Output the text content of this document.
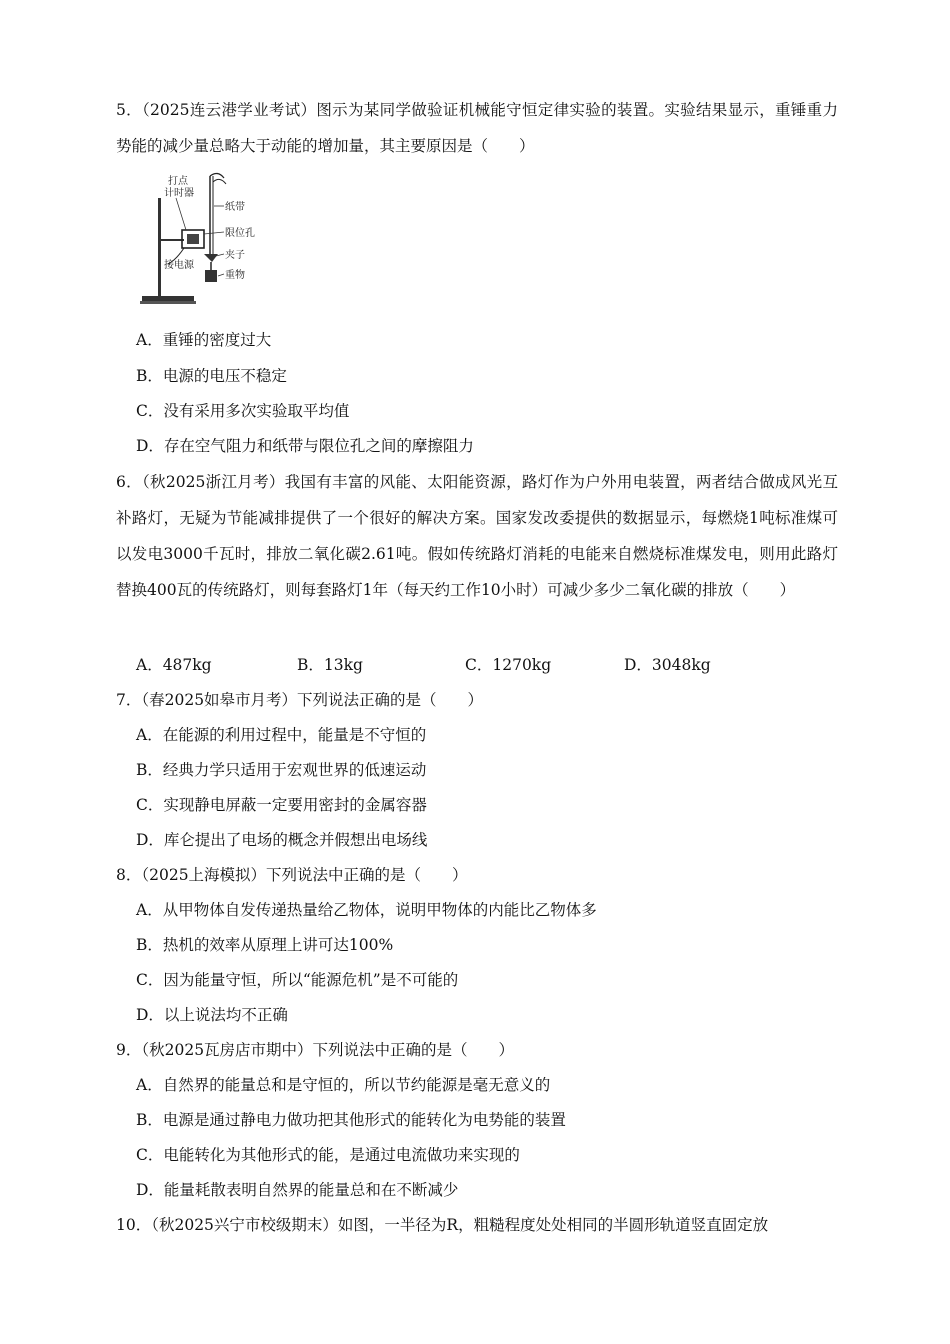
5．（2025连云港学业考试）图示为某同学做验证机械能守恒定律实验的装置。实验结果显示，重锤重力势能的减少量总略大于动能的增加量，其主要原因是（　　）

打点
计时器
纸带
限位孔
夹子
接电源
重物
A．重锤的密度过大
B．电源的电压不稳定
C．没有采用多次实验取平均值
D．存在空气阻力和纸带与限位孔之间的摩擦阻力

6．（秋2025浙江月考）我国有丰富的风能、太阳能资源，路灯作为户外用电装置，两者结合做成风光互补路灯，无疑为节能减排提供了一个很好的解决方案。国家发改委提供的数据显示，每燃烧1吨标准煤可以发电3000千瓦时，排放二氧化碳2.61吨。假如传统路灯消耗的电能来自燃烧标准煤发电，则用此路灯替换400瓦的传统路灯，则每套路灯1年（每天约工作10小时）可减少多少二氧化碳的排放（　　）

A．487kg	B．13kg	C．1270kg	D．3048kg

7．（春2025如皋市月考）下列说法正确的是（　　）

A．在能源的利用过程中，能量是不守恒的
B．经典力学只适用于宏观世界的低速运动
C．实现静电屏蔽一定要用密封的金属容器
D．库仑提出了电场的概念并假想出电场线

8．（2025上海模拟）下列说法中正确的是（　　）

A．从甲物体自发传递热量给乙物体，说明甲物体的内能比乙物体多
B．热机的效率从原理上讲可达100%
C．因为能量守恒，所以“能源危机”是不可能的
D．以上说法均不正确

9．（秋2025瓦房店市期中）下列说法中正确的是（　　）

A．自然界的能量总和是守恒的，所以节约能源是毫无意义的
B．电源是通过静电力做功把其他形式的能转化为电势能的装置
C．电能转化为其他形式的能，是通过电流做功来实现的
D．能量耗散表明自然界的能量总和在不断减少

10．（秋2025兴宁市校级期末）如图，一半径为R，粗糙程度处处相同的半圆形轨道竖直固定放
